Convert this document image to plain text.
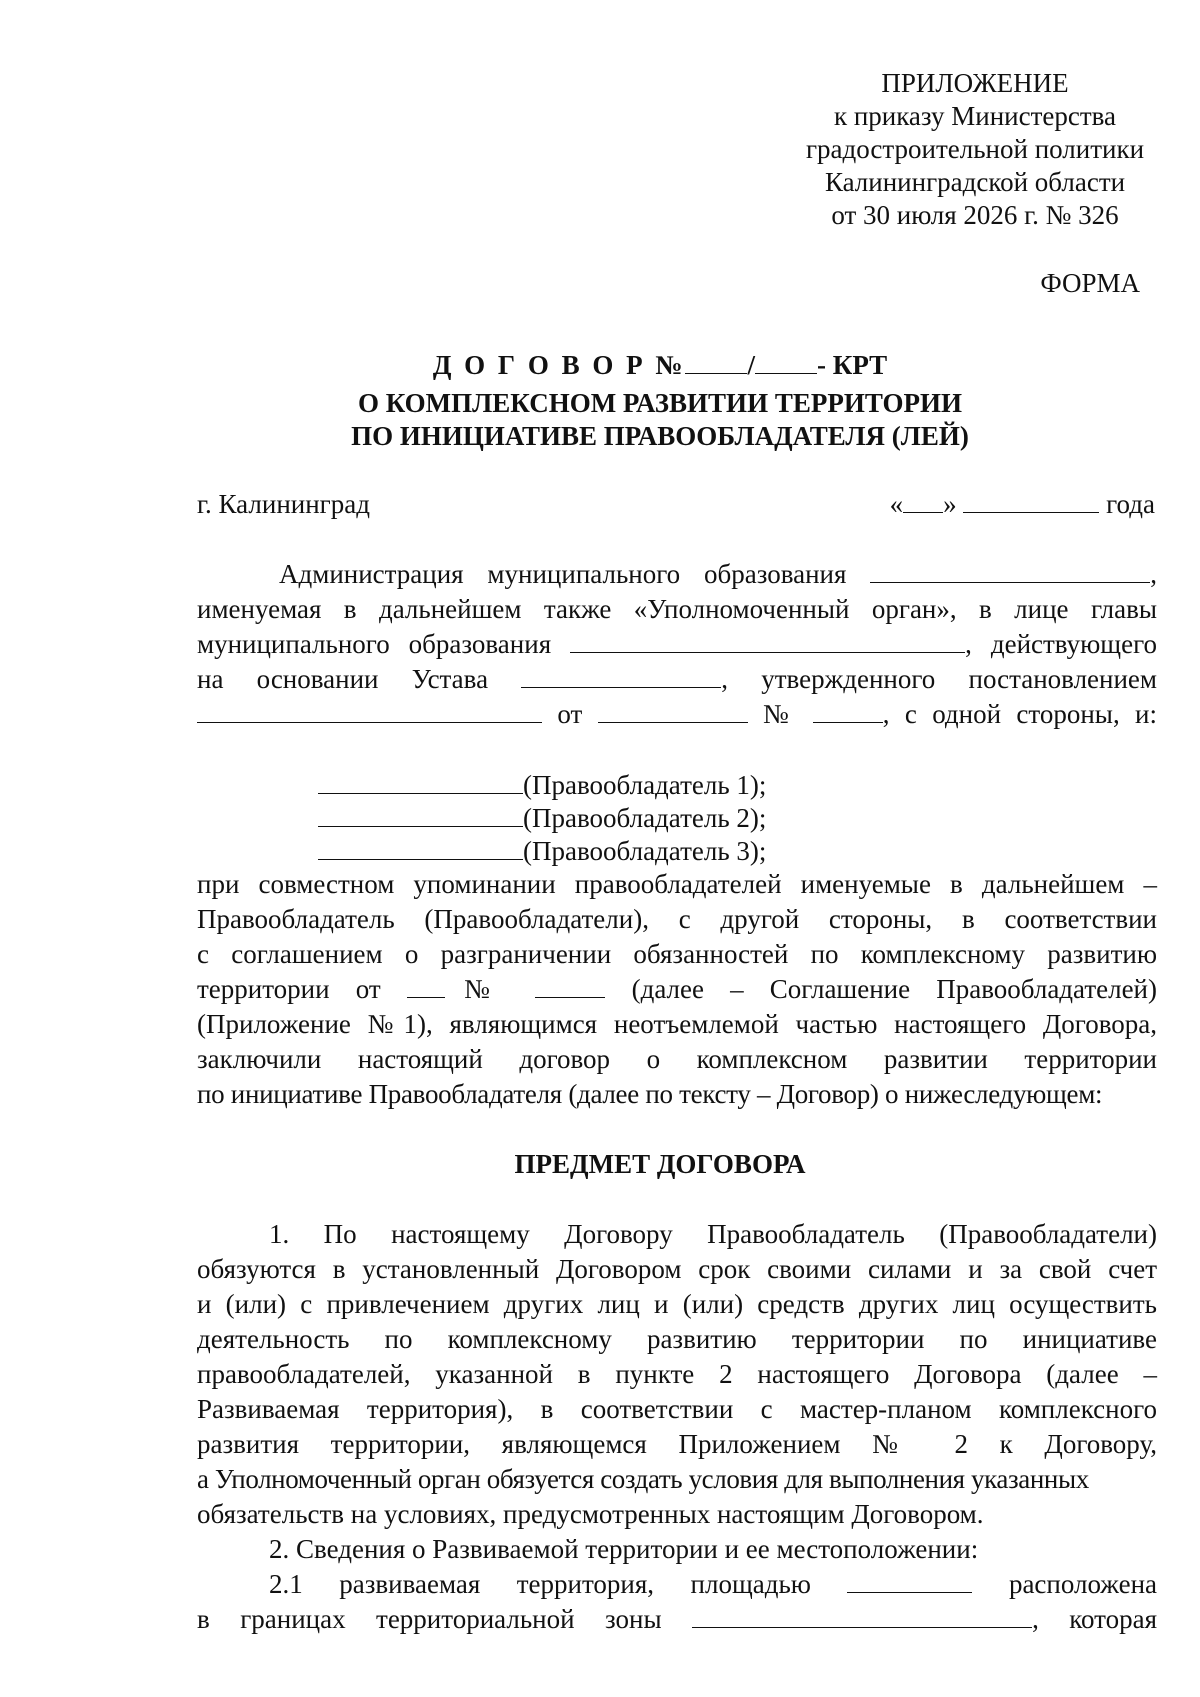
ПРИЛОЖЕНИЕ
к приказу Министерства
градостроительной политики
Калининградской области
от 30 июля 2026 г. № 326
ФОРМА
Д О Г О В О Р № / - КРТ
О КОМПЛЕКСНОМ РАЗВИТИИ ТЕРРИТОРИИ
ПО ИНИЦИАТИВЕ ПРАВООБЛАДАТЕЛЯ (ЛЕЙ)
г. Калининград	« »	года
Администрация муниципального образования	,
именуемая в дальнейшем также «Уполномоченный орган», в лице главы
муниципального образования	, действующего
на основании Устава	, утвержденного постановлением
от	№	, с одной стороны, и:
(Правообладатель 1);
(Правообладатель 2);
(Правообладатель 3);
при совместном упоминании правообладателей именуемые в дальнейшем –
Правообладатель (Правообладатели), с другой стороны, в соответствии
с соглашением о разграничении обязанностей по комплексному развитию
территории от №	(далее – Соглашение Правообладателей)
(Приложение №1), являющимся неотъемлемой частью настоящего Договора,
заключили настоящий договор о комплексном развитии территории
по инициативе Правообладателя (далее по тексту – Договор) о нижеследующем:
ПРЕДМЕТ ДОГОВОРА
1. По настоящему Договору Правообладатель (Правообладатели)
обязуются в установленный Договором срок своими силами и за свой счет
и (или) с привлечением других лиц и (или) средств других лиц осуществить
деятельность по комплексному развитию территории по инициативе
правообладателей, указанной в пункте 2 настоящего Договора (далее –
Развиваемая территория), в соответствии с мастер-планом комплексного
развития территории, являющемся Приложением № 2 к Договору,
а Уполномоченный орган обязуется создать условия для выполнения указанных
обязательств на условиях, предусмотренных настоящим Договором.
2. Сведения о Развиваемой территории и ее местоположении:
2.1 развиваемая территория, площадью	расположена
в границах территориальной зоны	, которая
